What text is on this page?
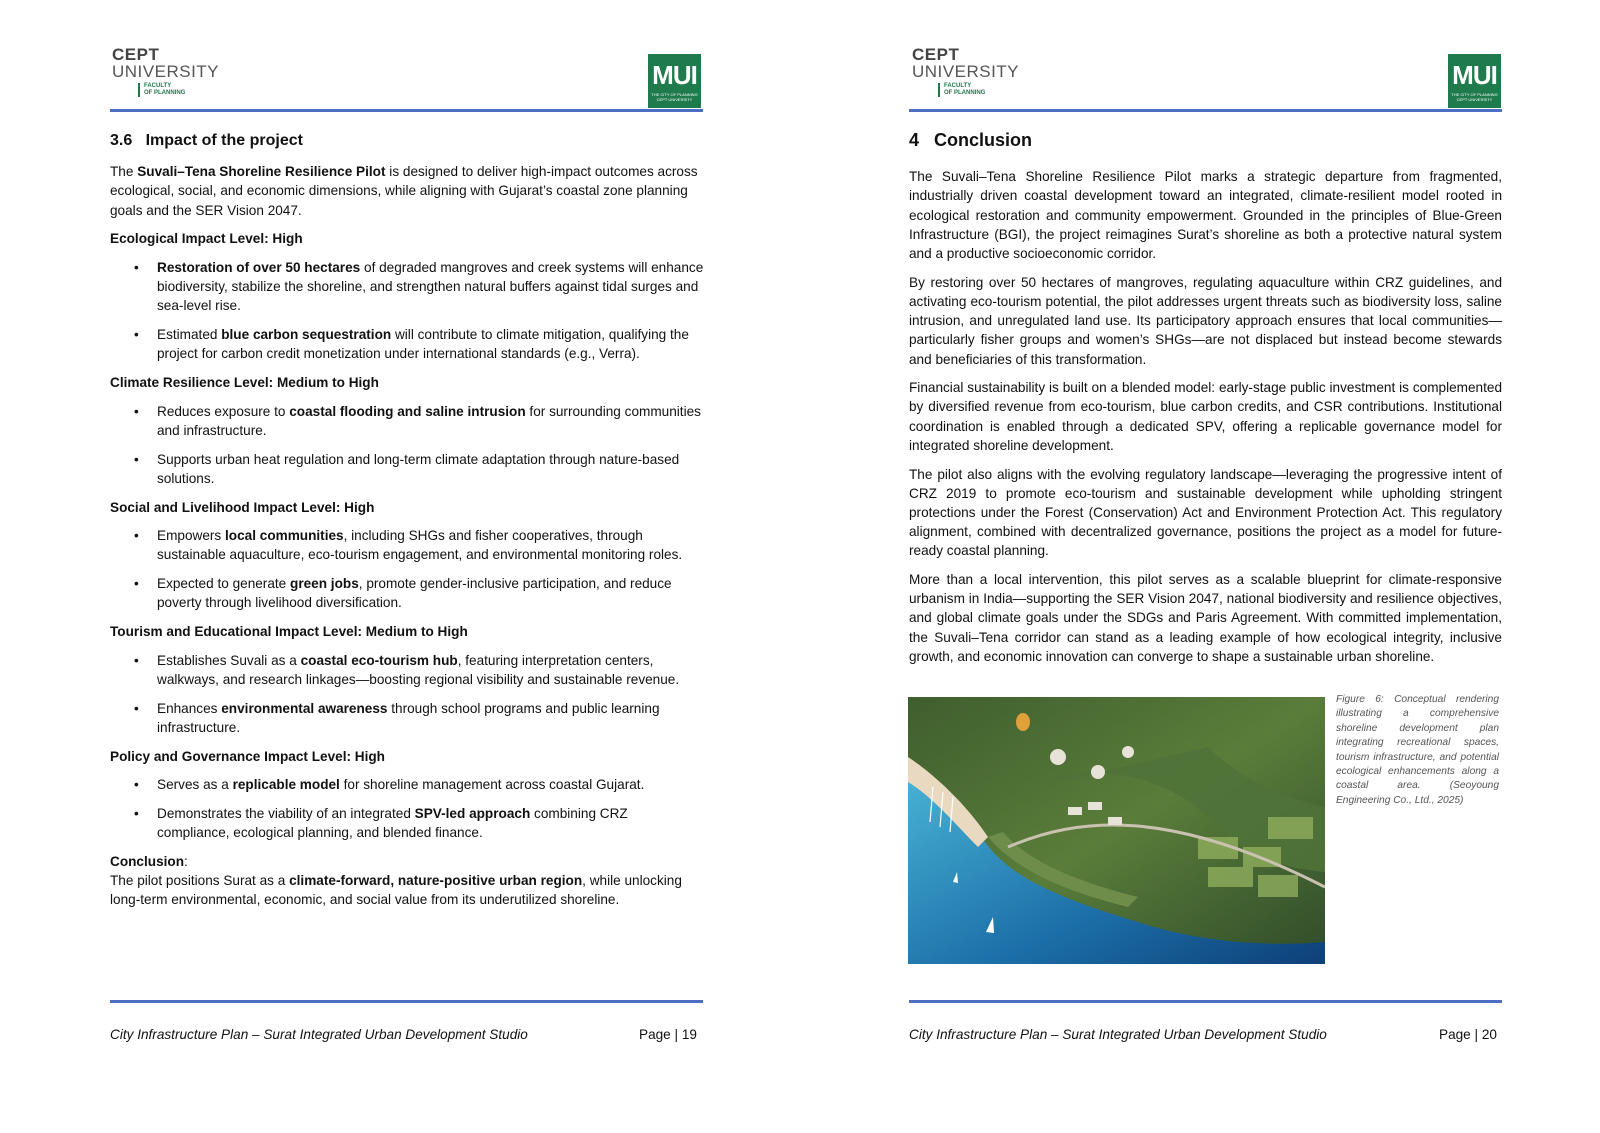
CEPT
UNIVERSITY
FACULTY
OF PLANNING
MUI
THE CITY OF PLANNING
CEPT UNIVERSITY
3.6 Impact of the project

The Suvali–Tena Shoreline Resilience Pilot is designed to deliver high-impact outcomes across ecological, social, and economic dimensions, while aligning with Gujarat’s coastal zone planning goals and the SER Vision 2047.

Ecological Impact Level: High
• Restoration of over 50 hectares of degraded mangroves and creek systems will enhance biodiversity, stabilize the shoreline, and strengthen natural buffers against tidal surges and sea-level rise.
• Estimated blue carbon sequestration will contribute to climate mitigation, qualifying the project for carbon credit monetization under international standards (e.g., Verra).
Climate Resilience Level: Medium to High
• Reduces exposure to coastal flooding and saline intrusion for surrounding communities and infrastructure.
• Supports urban heat regulation and long-term climate adaptation through nature-based solutions.
Social and Livelihood Impact Level: High
• Empowers local communities, including SHGs and fisher cooperatives, through sustainable aquaculture, eco-tourism engagement, and environmental monitoring roles.
• Expected to generate green jobs, promote gender-inclusive participation, and reduce poverty through livelihood diversification.
Tourism and Educational Impact Level: Medium to High
• Establishes Suvali as a coastal eco-tourism hub, featuring interpretation centers, walkways, and research linkages—boosting regional visibility and sustainable revenue.
• Enhances environmental awareness through school programs and public learning infrastructure.
Policy and Governance Impact Level: High
• Serves as a replicable model for shoreline management across coastal Gujarat.
• Demonstrates the viability of an integrated SPV-led approach combining CRZ compliance, ecological planning, and blended finance.
Conclusion:
The pilot positions Surat as a climate-forward, nature-positive urban region, while unlocking long-term environmental, economic, and social value from its underutilized shoreline.
City Infrastructure Plan – Surat Integrated Urban Development Studio	Page | 19
CEPT
UNIVERSITY
FACULTY
OF PLANNING
MUI
THE CITY OF PLANNING
CEPT UNIVERSITY
4 Conclusion

The Suvali–Tena Shoreline Resilience Pilot marks a strategic departure from fragmented, industrially driven coastal development toward an integrated, climate-resilient model rooted in ecological restoration and community empowerment. Grounded in the principles of Blue-Green Infrastructure (BGI), the project reimagines Surat’s shoreline as both a protective natural system and a productive socioeconomic corridor.

By restoring over 50 hectares of mangroves, regulating aquaculture within CRZ guidelines, and activating eco-tourism potential, the pilot addresses urgent threats such as biodiversity loss, saline intrusion, and unregulated land use. Its participatory approach ensures that local communities—particularly fisher groups and women’s SHGs—are not displaced but instead become stewards and beneficiaries of this transformation.

Financial sustainability is built on a blended model: early-stage public investment is complemented by diversified revenue from eco-tourism, blue carbon credits, and CSR contributions. Institutional coordination is enabled through a dedicated SPV, offering a replicable governance model for integrated shoreline development.

The pilot also aligns with the evolving regulatory landscape—leveraging the progressive intent of CRZ 2019 to promote eco-tourism and sustainable development while upholding stringent protections under the Forest (Conservation) Act and Environment Protection Act. This regulatory alignment, combined with decentralized governance, positions the project as a model for future-ready coastal planning.

More than a local intervention, this pilot serves as a scalable blueprint for climate-responsive urbanism in India—supporting the SER Vision 2047, national biodiversity and resilience objectives, and global climate goals under the SDGs and Paris Agreement. With committed implementation, the Suvali–Tena corridor can stand as a leading example of how ecological integrity, inclusive growth, and economic innovation can converge to shape a sustainable urban shoreline.

City Infrastructure Plan – Surat Integrated Urban Development Studio	Page | 20
Figure 6: Conceptual rendering illustrating a comprehensive shoreline development plan integrating recreational spaces, tourism infrastructure, and potential ecological enhancements along a coastal area. (Seoyoung Engineering Co., Ltd., 2025)
